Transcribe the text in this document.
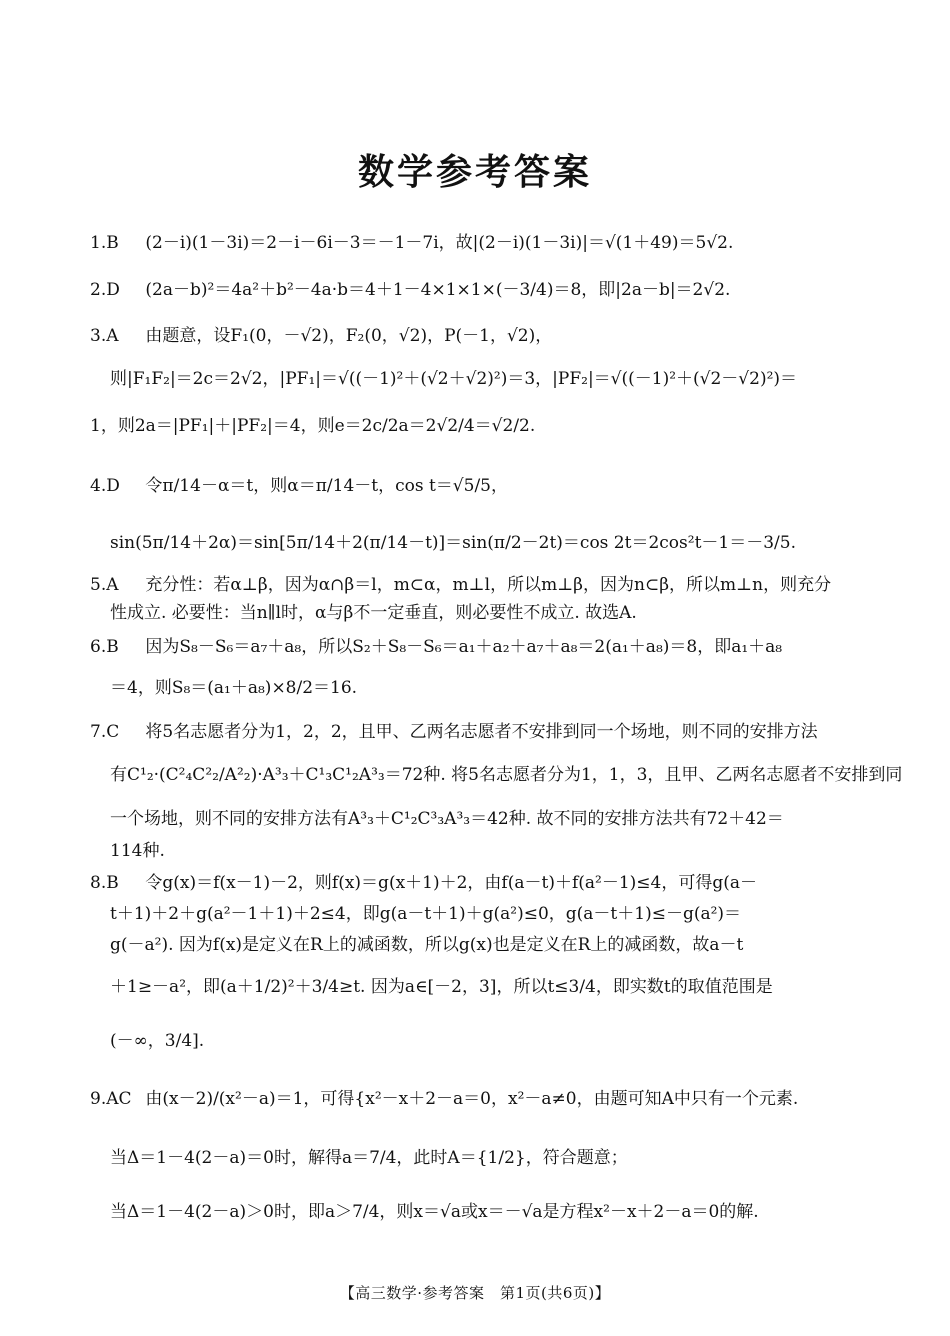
数学参考答案
1.B (2－i)(1－3i)＝2－i－6i－3＝－1－7i，故|(2－i)(1－3i)|＝√(1＋49)＝5√2.
2.D (2a－b)²＝4a²＋b²－4a·b＝4＋1－4×1×1×(－3/4)＝8，即|2a－b|＝2√2.
3.A 由题意，设F₁(0，－√2)，F₂(0，√2)，P(－1，√2)，
则|F₁F₂|＝2c＝2√2，|PF₁|＝√((－1)²＋(√2＋√2)²)＝3，|PF₂|＝√((－1)²＋(√2－√2)²)＝
1，则2a＝|PF₁|＋|PF₂|＝4，则e＝2c/2a＝2√2/4＝√2/2.
4.D 令π/14－α＝t，则α＝π/14－t，cos t＝√5/5，
sin(5π/14＋2α)＝sin[5π/14＋2(π/14－t)]＝sin(π/2－2t)＝cos 2t＝2cos²t－1＝－3/5.
5.A 充分性：若α⊥β，因为α∩β＝l，m⊂α，m⊥l，所以m⊥β，因为n⊂β，所以m⊥n，则充分
性成立. 必要性：当n∥l时，α与β不一定垂直，则必要性不成立. 故选A.
6.B 因为S₈－S₆＝a₇＋a₈，所以S₂＋S₈－S₆＝a₁＋a₂＋a₇＋a₈＝2(a₁＋a₈)＝8，即a₁＋a₈
＝4，则S₈＝(a₁＋a₈)×8/2＝16.
7.C 将5名志愿者分为1，2，2，且甲、乙两名志愿者不安排到同一个场地，则不同的安排方法
有C¹₂·(C²₄C²₂/A²₂)·A³₃＋C¹₃C¹₂A³₃＝72种. 将5名志愿者分为1，1，3，且甲、乙两名志愿者不安排到同
一个场地，则不同的安排方法有A³₃＋C¹₂C³₃A³₃＝42种. 故不同的安排方法共有72＋42＝
114种.
8.B 令g(x)＝f(x－1)－2，则f(x)＝g(x＋1)＋2，由f(a－t)＋f(a²－1)≤4，可得g(a－
t＋1)＋2＋g(a²－1＋1)＋2≤4，即g(a－t＋1)＋g(a²)≤0，g(a－t＋1)≤－g(a²)＝
g(－a²). 因为f(x)是定义在R上的减函数，所以g(x)也是定义在R上的减函数，故a－t
＋1≥－a²，即(a＋1/2)²＋3/4≥t. 因为a∈[－2，3]，所以t≤3/4，即实数t的取值范围是
(－∞，3/4].
9.AC 由(x－2)/(x²－a)＝1，可得{x²－x＋2－a＝0，x²－a≠0，由题可知A中只有一个元素.
当Δ＝1－4(2－a)＝0时，解得a＝7/4，此时A＝{1/2}，符合题意；
当Δ＝1－4(2－a)＞0时，即a＞7/4，则x＝√a或x＝－√a是方程x²－x＋2－a＝0的解.
【高三数学·参考答案　第1页(共6页)】
